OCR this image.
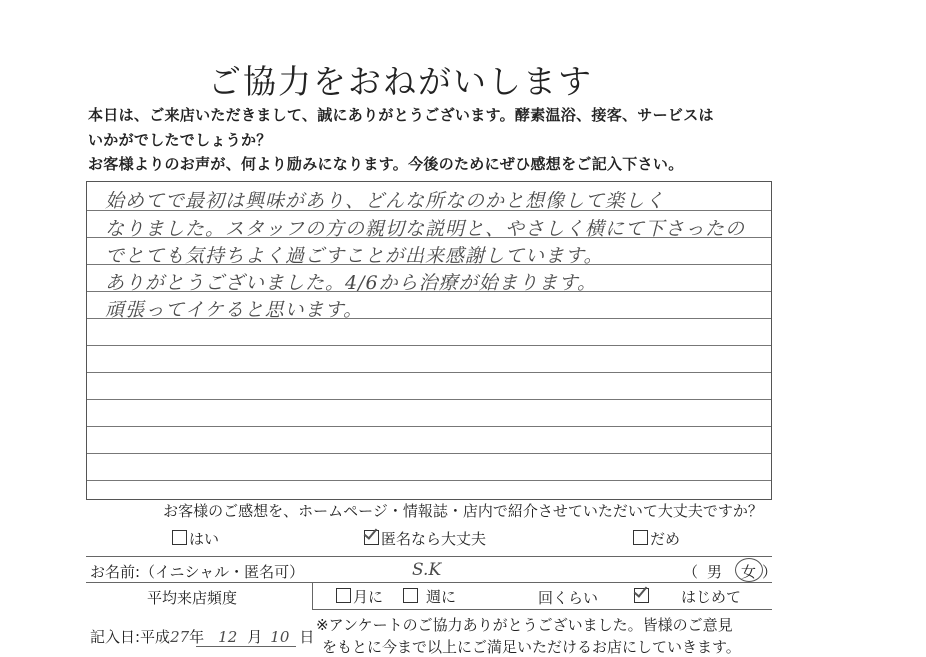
ご協力をおねがいします
本日は、ご来店いただきまして、誠にありがとうございます。酵素温浴、接客、サービスは
いかがでしたでしょうか？
お客様よりのお声が、何より励みになります。今後のためにぜひ感想をご記入下さい。
始めてで最初は興味があり、どんな所なのかと想像して楽しく
なりました。スタッフの方の親切な説明と、やさしく横にて下さったの
でとても気持ちよく過ごすことが出来感謝しています。
ありがとうございました。4/6から治療が始まります。
頑張ってイケると思います。
お客様のご感想を、ホームページ・情報誌・店内で紹介させていただいて大丈夫ですか？
はい	匿名なら大丈夫	だめ
お名前:（イニシャル・匿名可）	S.K	（ 男 女 ）
平均来店頻度	月に	週に	回くらい	はじめて
記入日:平成27年 12 月 10 日
※アンケートのご協力ありがとうございました。皆様のご意見
をもとに今まで以上にご満足いただけるお店にしていきます。
